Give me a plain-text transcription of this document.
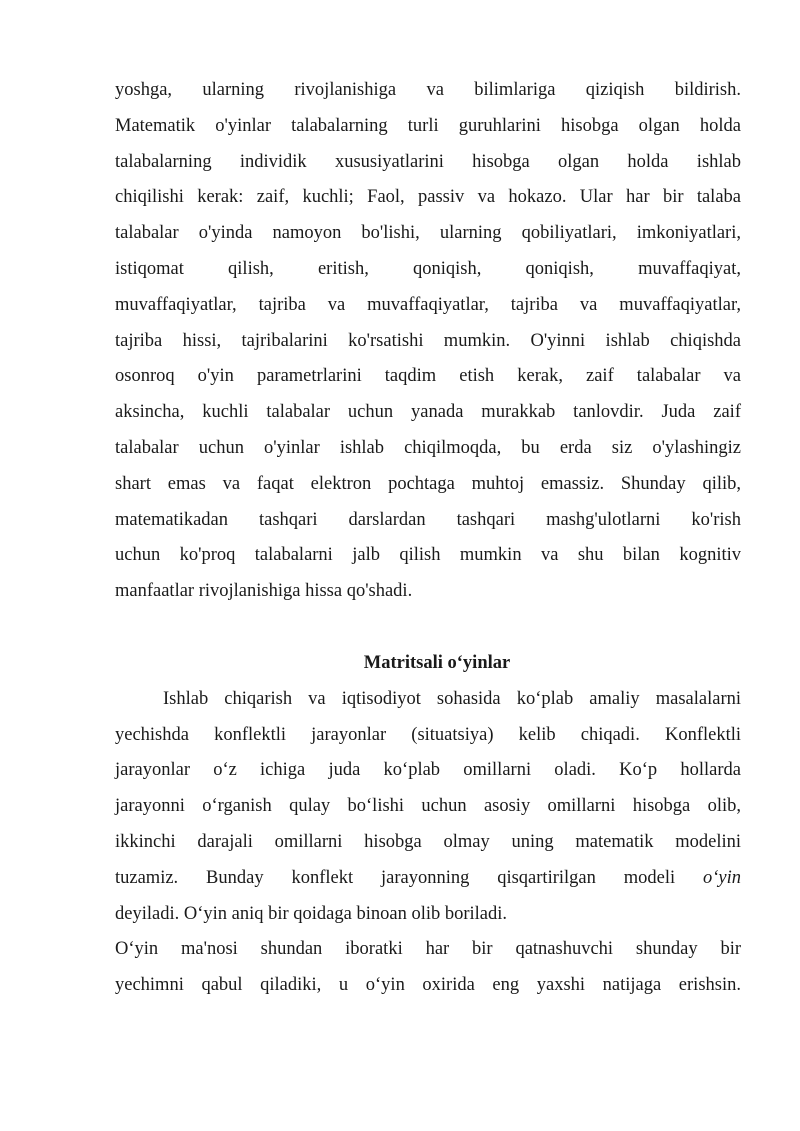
yoshga, ularning rivojlanishiga va bilimlariga qiziqish bildirish.
Matematik o'yinlar talabalarning turli guruhlarini hisobga olgan holda
talabalarning individik xususiyatlarini hisobga olgan holda ishlab
chiqilishi kerak: zaif, kuchli; Faol, passiv va hokazo. Ular har bir talaba
talabalar o'yinda namoyon bo'lishi, ularning qobiliyatlari, imkoniyatlari,
istiqomat qilish, eritish, qoniqish, qoniqish, muvaffaqiyat,
muvaffaqiyatlar, tajriba va muvaffaqiyatlar, tajriba va muvaffaqiyatlar,
tajriba hissi, tajribalarini ko'rsatishi mumkin. O'yinni ishlab chiqishda
osonroq o'yin parametrlarini taqdim etish kerak, zaif talabalar va
aksincha, kuchli talabalar uchun yanada murakkab tanlovdir. Juda zaif
talabalar uchun o'yinlar ishlab chiqilmoqda, bu erda siz o'ylashingiz
shart emas va faqat elektron pochtaga muhtoj emassiz. Shunday qilib,
matematikadan tashqari darslardan tashqari mashg'ulotlarni ko'rish
uchun ko'proq talabalarni jalb qilish mumkin va shu bilan kognitiv
manfaatlar rivojlanishiga hissa qo'shadi.
Matritsali o‘yinlar
Ishlab chiqarish va iqtisodiyot sohasida ko‘plab amaliy masalalarni
yechishda konflektli jarayonlar (situatsiya) kelib chiqadi. Konflektli
jarayonlar o‘z ichiga juda ko‘plab omillarni oladi. Ko‘p hollarda
jarayonni o‘rganish qulay bo‘lishi uchun asosiy omillarni hisobga olib,
ikkinchi darajali omillarni hisobga olmay uning matematik modelini
tuzamiz. Bunday konflekt jarayonning qisqartirilgan modeli o‘yin
deyiladi. O‘yin aniq bir qoidaga binoan olib boriladi.
O‘yin ma'nosi shundan iboratki har bir qatnashuvchi shunday bir
yechimni qabul qiladiki, u o‘yin oxirida eng yaxshi natijaga erishsin.
